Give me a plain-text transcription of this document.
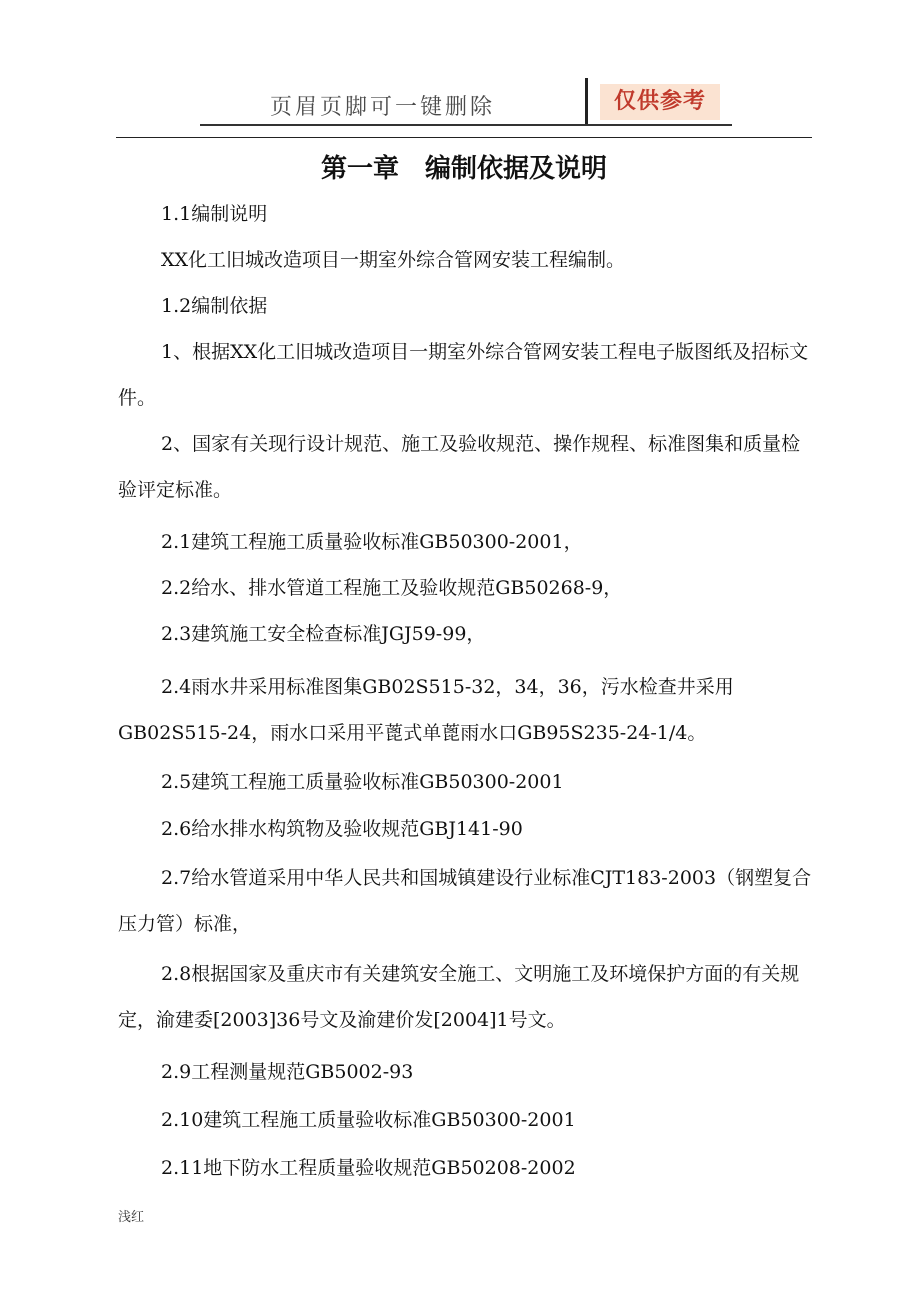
页眉页脚可一键删除	仅供参考
第一章　编制依据及说明
1.1编制说明
XX化工旧城改造项目一期室外综合管网安装工程编制。
1.2编制依据
1、根据XX化工旧城改造项目一期室外综合管网安装工程电子版图纸及招标文件。
2、国家有关现行设计规范、施工及验收规范、操作规程、标准图集和质量检验评定标准。
2.1建筑工程施工质量验收标准GB50300-2001，
2.2给水、排水管道工程施工及验收规范GB50268-9，
2.3建筑施工安全检查标准JGJ59-99，
2.4雨水井采用标准图集GB02S515-32，34，36，污水检查井采用GB02S515-24，雨水口采用平蓖式单蓖雨水口GB95S235-24-1/4。
2.5建筑工程施工质量验收标准GB50300-2001
2.6给水排水构筑物及验收规范GBJ141-90
2.7给水管道采用中华人民共和国城镇建设行业标准CJT183-2003（钢塑复合压力管）标准，
2.8根据国家及重庆市有关建筑安全施工、文明施工及环境保护方面的有关规定，渝建委[2003]36号文及渝建价发[2004]1号文。
2.9工程测量规范GB5002-93
2.10建筑工程施工质量验收标准GB50300-2001
2.11地下防水工程质量验收规范GB50208-2002
浅红
